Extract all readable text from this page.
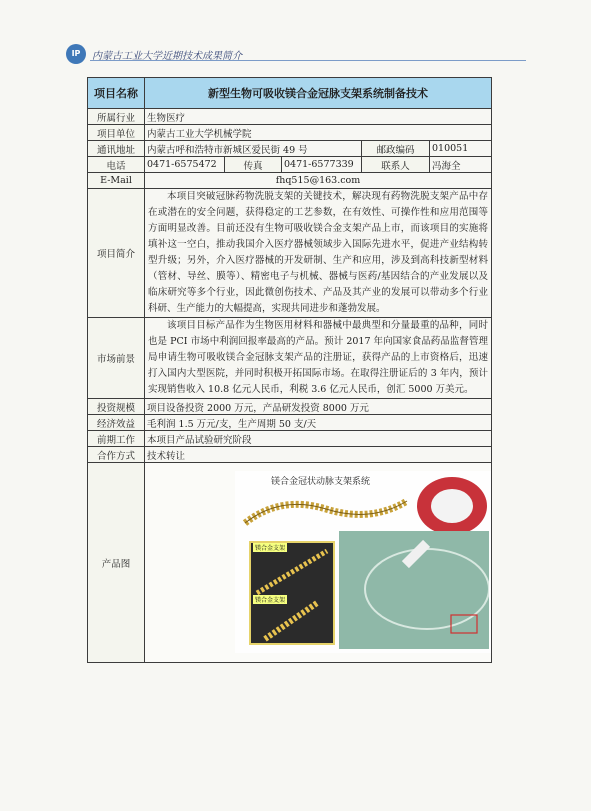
IP	内蒙古工业大学近期技术成果简介
项目名称	新型生物可吸收镁合金冠脉支架系统制备技术				
所属行业	生物医疗				
项目单位	内蒙古工业大学机械学院				
通讯地址	内蒙古呼和浩特市新城区爱民街 49 号			邮政编码	010051
电话	0471-6575472	传真	0471-6577339	联系人	冯海全
E-Mail	fhq515@163.com				
项目简介	本项目突破冠脉药物洗脱支架的关键技术，解决现有药物洗脱支架产品中存在或潜在的安全问题，获得稳定的工艺参数，在有效性、可操作性和应用范围等方面明显改善。目前还没有生物可吸收镁合金支架产品上市，而该项目的实施将填补这一空白，推动我国介入医疗器械领域步入国际先进水平，促进产业结构转型升级；另外，介入医疗器械的开发研制、生产和应用，涉及到高科技新型材料（管材、导丝、膜等）、精密电子与机械、器械与医药/基因结合的产业发展以及临床研究等多个行业，因此微创伤技术、产品及其产业的发展可以带动多个行业科研、生产能力的大幅提高，实现共同进步和蓬勃发展。				

市场前景	该项目目标产品作为生物医用材料和器械中最典型和分量最重的品种，同时也是 PCI 市场中利润回报率最高的产品。预计 2017 年向国家食品药品监督管理局申请生物可吸收镁合金冠脉支架产品的注册证，获得产品的上市资格后，迅速打入国内大型医院，并同时积极开拓国际市场。在取得注册证后的 3 年内，预计实现销售收入 10.8 亿元人民币，利税 3.6 亿元人民币，创汇 5000 万美元。				

投资规模	项目设备投资 2000 万元，产品研发投资 8000 万元				
经济效益	毛利润 1.5 万元/支，生产周期 50 支/天				
前期工作	本项目产品试验研究阶段				
合作方式	技术转让				
产品图	镁合金冠状动脉支架系统
镁合金支架
镁合金支架				
